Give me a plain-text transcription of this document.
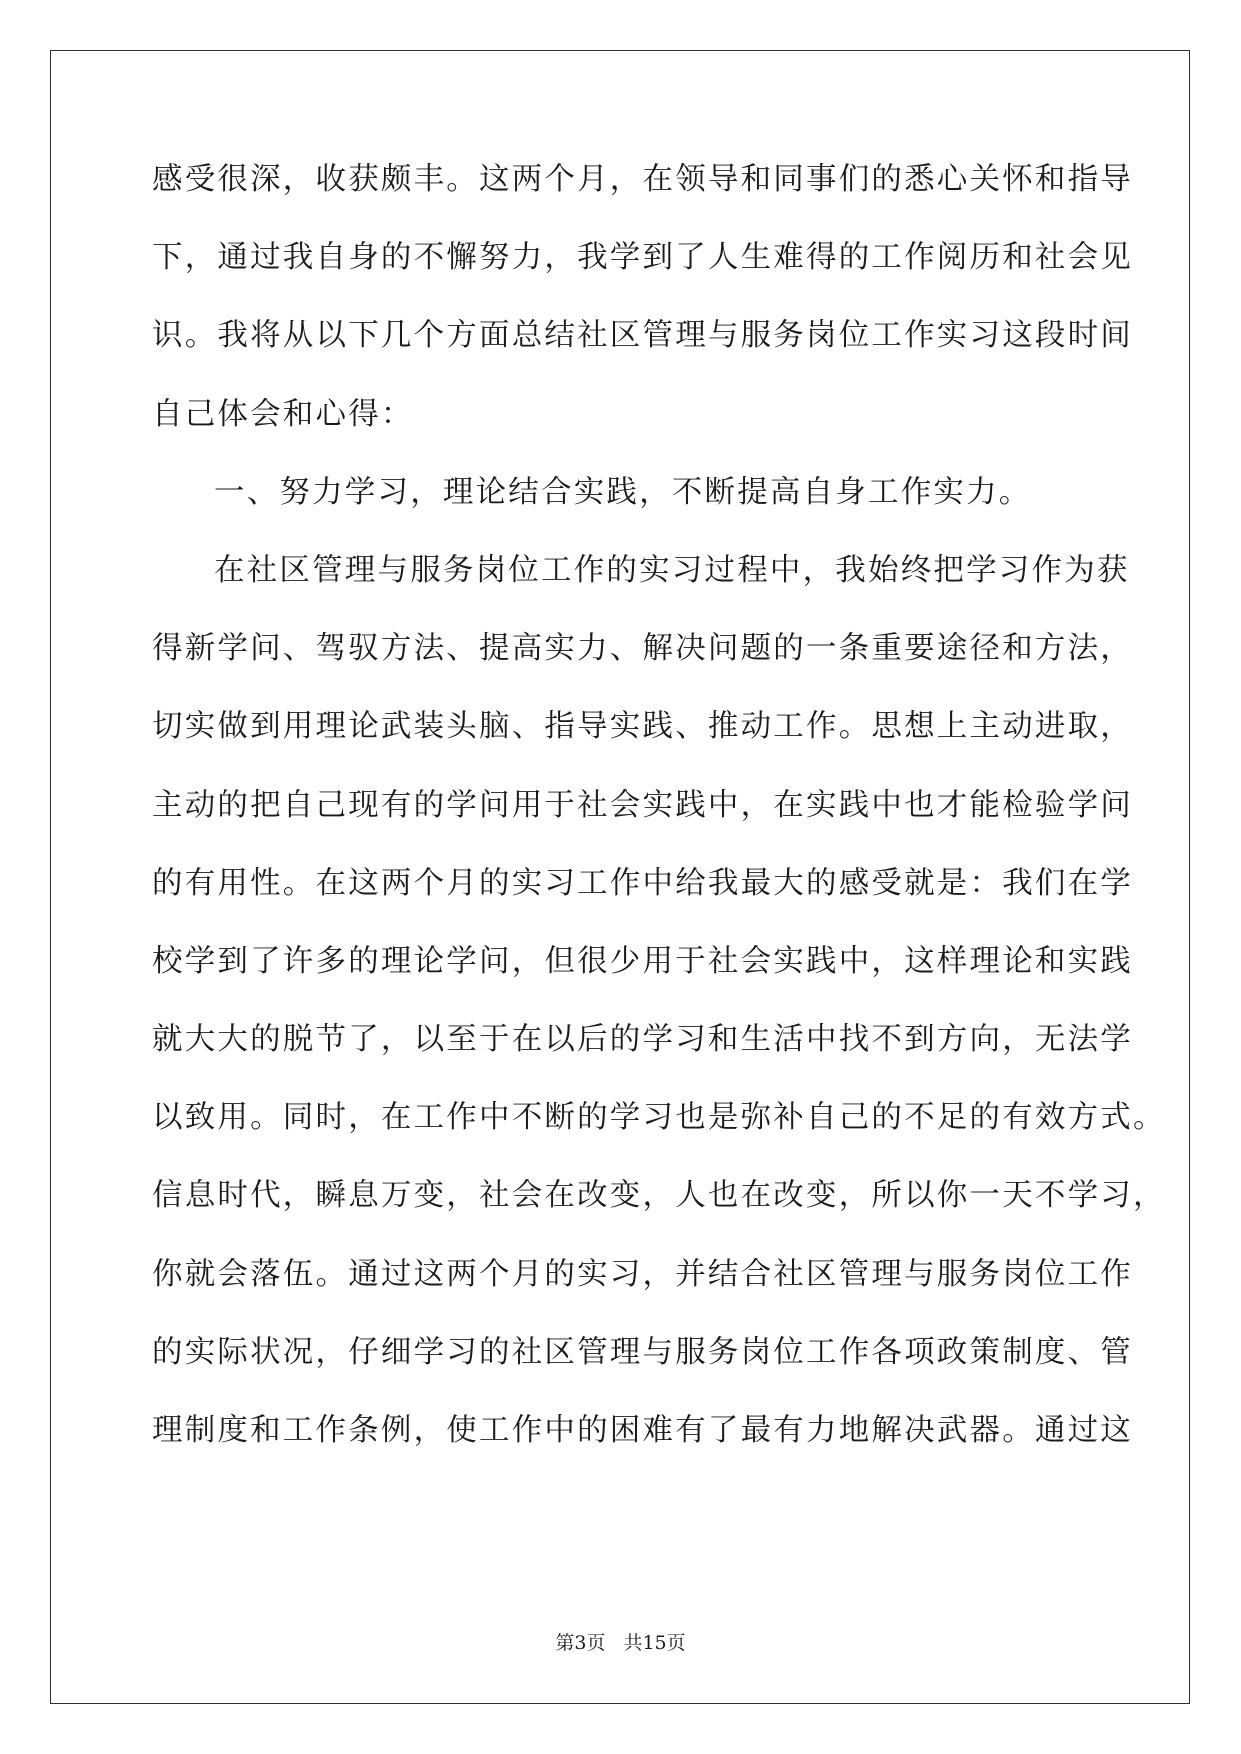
感受很深，收获颇丰。这两个月，在领导和同事们的悉心关怀和指导
下，通过我自身的不懈努力，我学到了人生难得的工作阅历和社会见
识。我将从以下几个方面总结社区管理与服务岗位工作实习这段时间
自己体会和心得：
一、努力学习，理论结合实践，不断提高自身工作实力。
在社区管理与服务岗位工作的实习过程中，我始终把学习作为获
得新学问、驾驭方法、提高实力、解决问题的一条重要途径和方法，
切实做到用理论武装头脑、指导实践、推动工作。思想上主动进取，
主动的把自己现有的学问用于社会实践中，在实践中也才能检验学问
的有用性。在这两个月的实习工作中给我最大的感受就是：我们在学
校学到了许多的理论学问，但很少用于社会实践中，这样理论和实践
就大大的脱节了，以至于在以后的学习和生活中找不到方向，无法学
以致用。同时，在工作中不断的学习也是弥补自己的不足的有效方式。
信息时代，瞬息万变，社会在改变，人也在改变，所以你一天不学习，
你就会落伍。通过这两个月的实习，并结合社区管理与服务岗位工作
的实际状况，仔细学习的社区管理与服务岗位工作各项政策制度、管
理制度和工作条例，使工作中的困难有了最有力地解决武器。通过这
第3页 共15页
